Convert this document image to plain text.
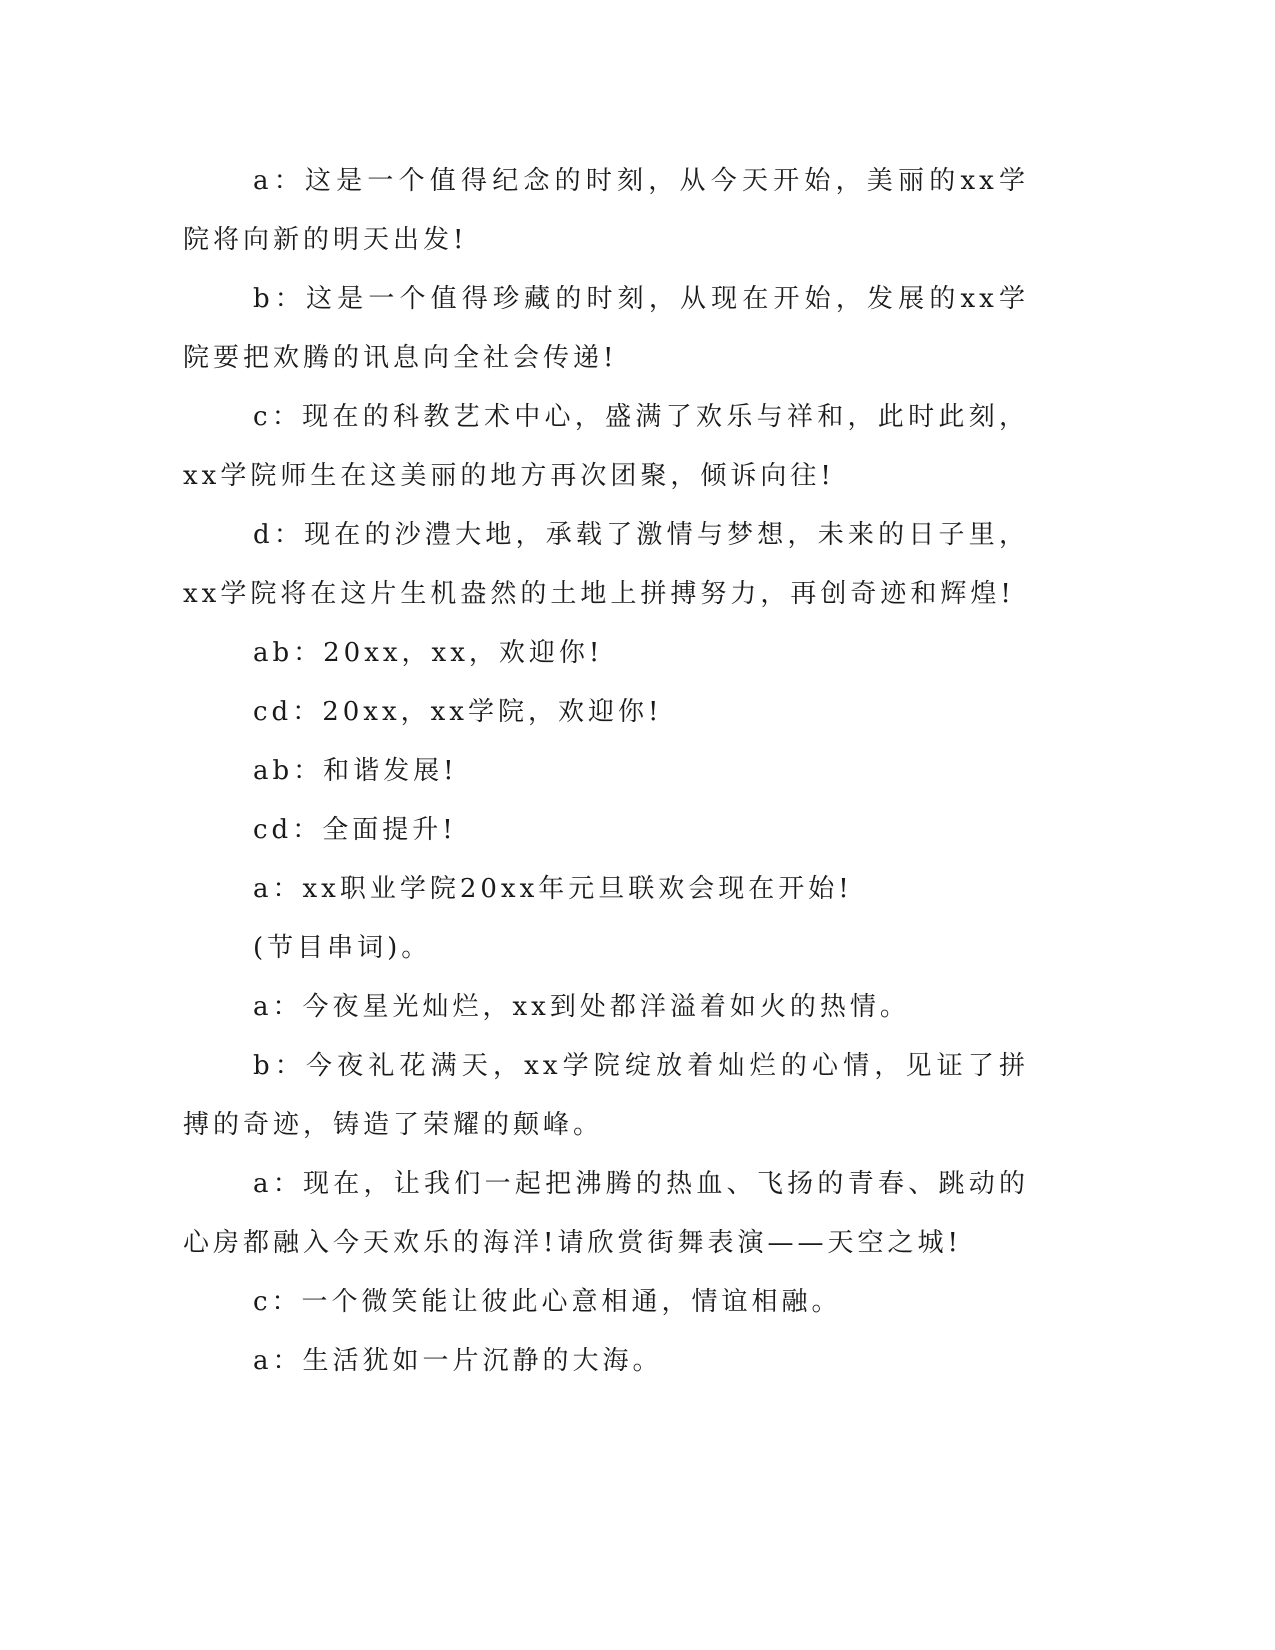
a：这是一个值得纪念的时刻，从今天开始，美丽的xx学院将向新的明天出发!

b：这是一个值得珍藏的时刻，从现在开始，发展的xx学院要把欢腾的讯息向全社会传递!

c：现在的科教艺术中心，盛满了欢乐与祥和，此时此刻，xx学院师生在这美丽的地方再次团聚，倾诉向往!

d：现在的沙澧大地，承载了激情与梦想，未来的日子里，xx学院将在这片生机盎然的土地上拼搏努力，再创奇迹和辉煌!

ab：20xx，xx，欢迎你!

cd：20xx，xx学院，欢迎你!

ab：和谐发展!

cd：全面提升!

a：xx职业学院20xx年元旦联欢会现在开始!

(节目串词)。

a：今夜星光灿烂，xx到处都洋溢着如火的热情。

b：今夜礼花满天，xx学院绽放着灿烂的心情，见证了拼搏的奇迹，铸造了荣耀的颠峰。

a：现在，让我们一起把沸腾的热血、飞扬的青春、跳动的心房都融入今天欢乐的海洋!请欣赏街舞表演——天空之城!

c：一个微笑能让彼此心意相通，情谊相融。

a：生活犹如一片沉静的大海。
